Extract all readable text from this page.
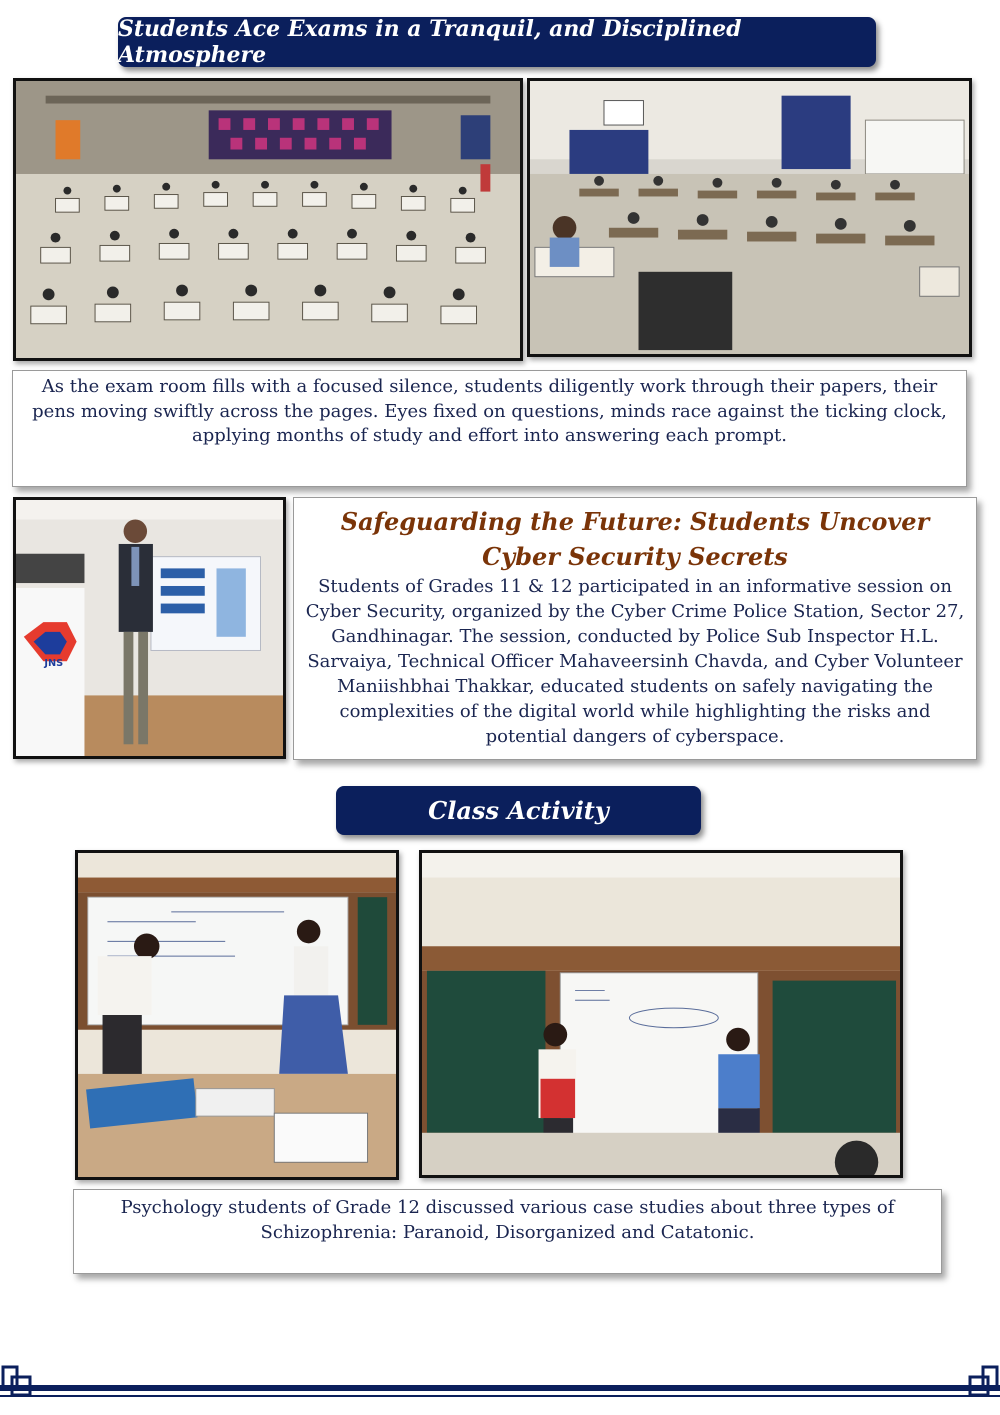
Students Ace Exams in a Tranquil, and Disciplined Atmosphere

As the exam room fills with a focused silence, students diligently work through their papers, their pens moving swiftly across the pages. Eyes fixed on questions, minds race against the ticking clock, applying months of study and effort into answering each prompt.

JNS
Safeguarding the Future: Students Uncover Cyber Security Secrets

Students of Grades 11 & 12 participated in an informative session on Cyber Security, organized by the Cyber Crime Police Station, Sector 27, Gandhinagar. The session, conducted by Police Sub Inspector H.L. Sarvaiya, Technical Officer Mahaveersinh Chavda, and Cyber Volunteer Maniishbhai Thakkar, educated students on safely navigating the complexities of the digital world while highlighting the risks and potential dangers of cyberspace.

Class Activity

Psychology students of Grade 12 discussed various case studies about three types of Schizophrenia: Paranoid, Disorganized and Catatonic.
